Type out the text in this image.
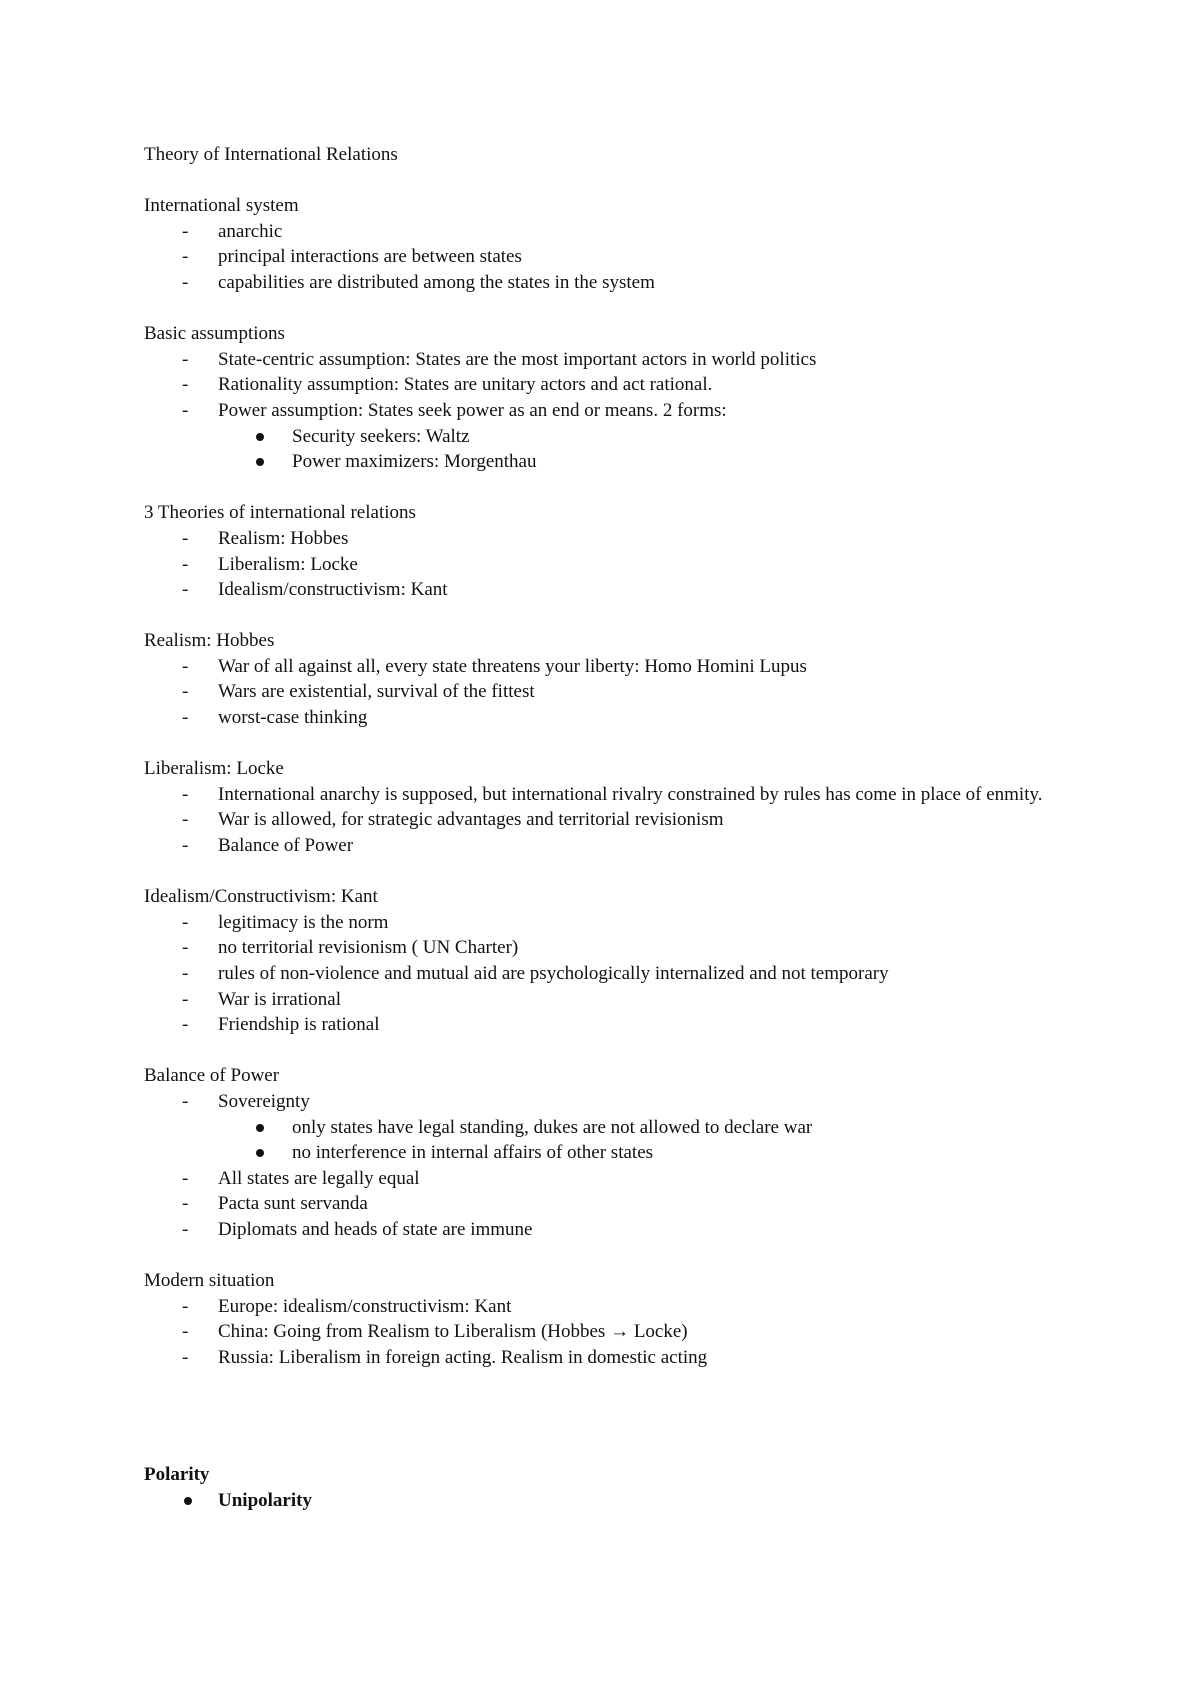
Theory of International Relations
International system
- anarchic
- principal interactions are between states
- capabilities are distributed among the states in the system
Basic assumptions
- State-centric assumption: States are the most important actors in world politics
- Rationality assumption: States are unitary actors and act rational.
- Power assumption: States seek power as an end or means. 2 forms:
Security seekers: Waltz
Power maximizers: Morgenthau
3 Theories of international relations
- Realism: Hobbes
- Liberalism: Locke
- Idealism/constructivism: Kant
Realism: Hobbes
- War of all against all, every state threatens your liberty: Homo Homini Lupus
- Wars are existential, survival of the fittest
- worst-case thinking
Liberalism: Locke
- International anarchy is supposed, but international rivalry constrained by rules has come in place of enmity.
- War is allowed, for strategic advantages and territorial revisionism
- Balance of Power
Idealism/Constructivism: Kant
- legitimacy is the norm
- no territorial revisionism ( UN Charter)
- rules of non-violence and mutual aid are psychologically internalized and not temporary
- War is irrational
- Friendship is rational
Balance of Power
- Sovereignty
only states have legal standing, dukes are not allowed to declare war
no interference in internal affairs of other states
- All states are legally equal
- Pacta sunt servanda
- Diplomats and heads of state are immune
Modern situation
- Europe: idealism/constructivism: Kant
- China: Going from Realism to Liberalism (Hobbes → Locke)
- Russia: Liberalism in foreign acting. Realism in domestic acting
Polarity
Unipolarity
